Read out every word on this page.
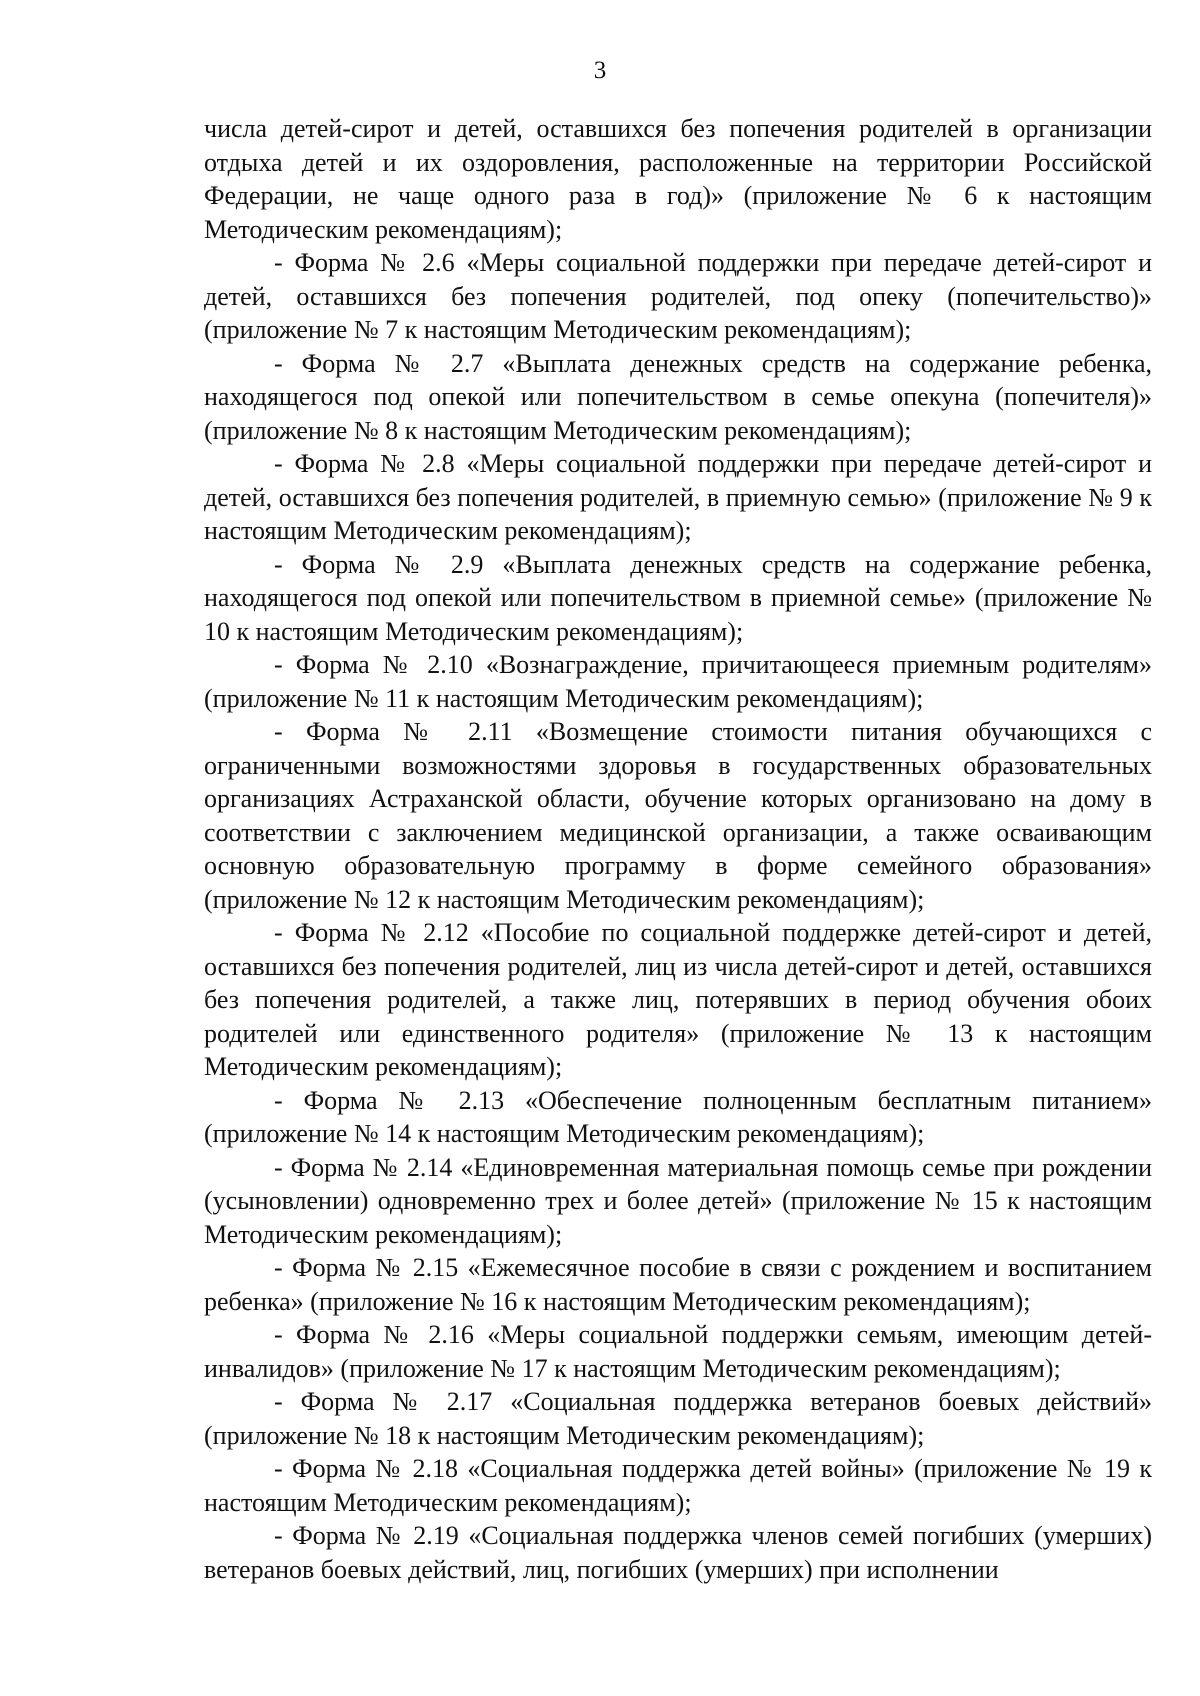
3

числа детей-сирот и детей, оставшихся без попечения родителей в организации отдыха детей и их оздоровления, расположенные на территории Российской Федерации, не чаще одного раза в год)» (приложение № 6 к настоящим Методическим рекомендациям);

- Форма № 2.6 «Меры социальной поддержки при передаче детей-сирот и детей, оставшихся без попечения родителей, под опеку (попечительство)» (приложение № 7 к настоящим Методическим рекомендациям);

- Форма № 2.7 «Выплата денежных средств на содержание ребенка, находящегося под опекой или попечительством в семье опекуна (попечителя)» (приложение № 8 к настоящим Методическим рекомендациям);

- Форма № 2.8 «Меры социальной поддержки при передаче детей-сирот и детей, оставшихся без попечения родителей, в приемную семью» (приложение № 9 к настоящим Методическим рекомендациям);

- Форма № 2.9 «Выплата денежных средств на содержание ребенка, находящегося под опекой или попечительством в приемной семье» (приложение № 10 к настоящим Методическим рекомендациям);

- Форма № 2.10 «Вознаграждение, причитающееся приемным родителям» (приложение № 11 к настоящим Методическим рекомендациям);

- Форма № 2.11 «Возмещение стоимости питания обучающихся с ограниченными возможностями здоровья в государственных образовательных организациях Астраханской области, обучение которых организовано на дому в соответствии с заключением медицинской организации, а также осваивающим основную образовательную программу в форме семейного образования» (приложение № 12 к настоящим Методическим рекомендациям);

- Форма № 2.12 «Пособие по социальной поддержке детей-сирот и детей, оставшихся без попечения родителей, лиц из числа детей-сирот и детей, оставшихся без попечения родителей, а также лиц, потерявших в период обучения обоих родителей или единственного родителя» (приложение № 13 к настоящим Методическим рекомендациям);

- Форма № 2.13 «Обеспечение полноценным бесплатным питанием» (приложение № 14 к настоящим Методическим рекомендациям);

- Форма № 2.14 «Единовременная материальная помощь семье при рождении (усыновлении) одновременно трех и более детей» (приложение № 15 к настоящим Методическим рекомендациям);

- Форма № 2.15 «Ежемесячное пособие в связи с рождением и воспитанием ребенка» (приложение № 16 к настоящим Методическим рекомендациям);

- Форма № 2.16 «Меры социальной поддержки семьям, имеющим детей-инвалидов» (приложение № 17 к настоящим Методическим рекомендациям);

- Форма № 2.17 «Социальная поддержка ветеранов боевых действий» (приложение № 18 к настоящим Методическим рекомендациям);

- Форма № 2.18 «Социальная поддержка детей войны» (приложение № 19 к настоящим Методическим рекомендациям);

- Форма № 2.19 «Социальная поддержка членов семей погибших (умерших) ветеранов боевых действий, лиц, погибших (умерших) при исполнении
